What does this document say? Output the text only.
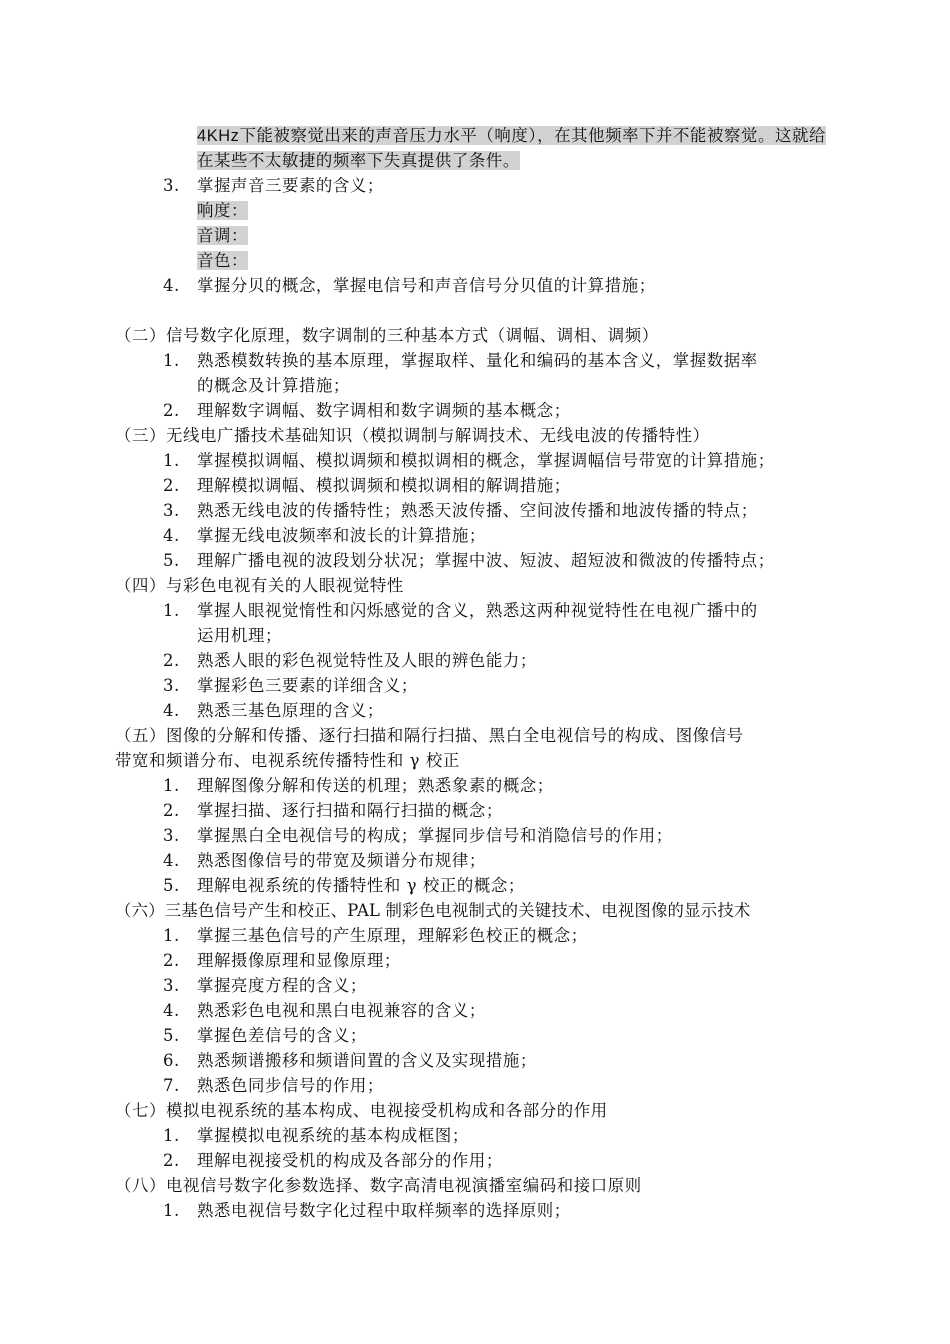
4KHz下能被察觉出来的声音压力水平（响度），在其他频率下并不能被察觉。这就给
在某些不太敏捷的频率下失真提供了条件。
3. 掌握声音三要素的含义；
响度：
音调：
音色：
4. 掌握分贝的概念，掌握电信号和声音信号分贝值的计算措施；
（二）信号数字化原理，数字调制的三种基本方式（调幅、调相、调频）
1. 熟悉模数转换的基本原理，掌握取样、量化和编码的基本含义，掌握数据率
的概念及计算措施；
2. 理解数字调幅、数字调相和数字调频的基本概念；
（三）无线电广播技术基础知识（模拟调制与解调技术、无线电波的传播特性）
1. 掌握模拟调幅、模拟调频和模拟调相的概念，掌握调幅信号带宽的计算措施；
2. 理解模拟调幅、模拟调频和模拟调相的解调措施；
3. 熟悉无线电波的传播特性；熟悉天波传播、空间波传播和地波传播的特点；
4. 掌握无线电波频率和波长的计算措施；
5. 理解广播电视的波段划分状况；掌握中波、短波、超短波和微波的传播特点；
（四）与彩色电视有关的人眼视觉特性
1. 掌握人眼视觉惰性和闪烁感觉的含义，熟悉这两种视觉特性在电视广播中的
运用机理；
2. 熟悉人眼的彩色视觉特性及人眼的辨色能力；
3. 掌握彩色三要素的详细含义；
4. 熟悉三基色原理的含义；
（五）图像的分解和传播、逐行扫描和隔行扫描、黑白全电视信号的构成、图像信号
带宽和频谱分布、电视系统传播特性和 γ 校正
1. 理解图像分解和传送的机理；熟悉象素的概念；
2. 掌握扫描、逐行扫描和隔行扫描的概念；
3. 掌握黑白全电视信号的构成；掌握同步信号和消隐信号的作用；
4. 熟悉图像信号的带宽及频谱分布规律；
5. 理解电视系统的传播特性和 γ 校正的概念；
（六）三基色信号产生和校正、PAL 制彩色电视制式的关键技术、电视图像的显示技术
1. 掌握三基色信号的产生原理，理解彩色校正的概念；
2. 理解摄像原理和显像原理；
3. 掌握亮度方程的含义；
4. 熟悉彩色电视和黑白电视兼容的含义；
5. 掌握色差信号的含义；
6. 熟悉频谱搬移和频谱间置的含义及实现措施；
7. 熟悉色同步信号的作用；
（七）模拟电视系统的基本构成、电视接受机构成和各部分的作用
1. 掌握模拟电视系统的基本构成框图；
2. 理解电视接受机的构成及各部分的作用；
（八）电视信号数字化参数选择、数字高清电视演播室编码和接口原则
1. 熟悉电视信号数字化过程中取样频率的选择原则；
